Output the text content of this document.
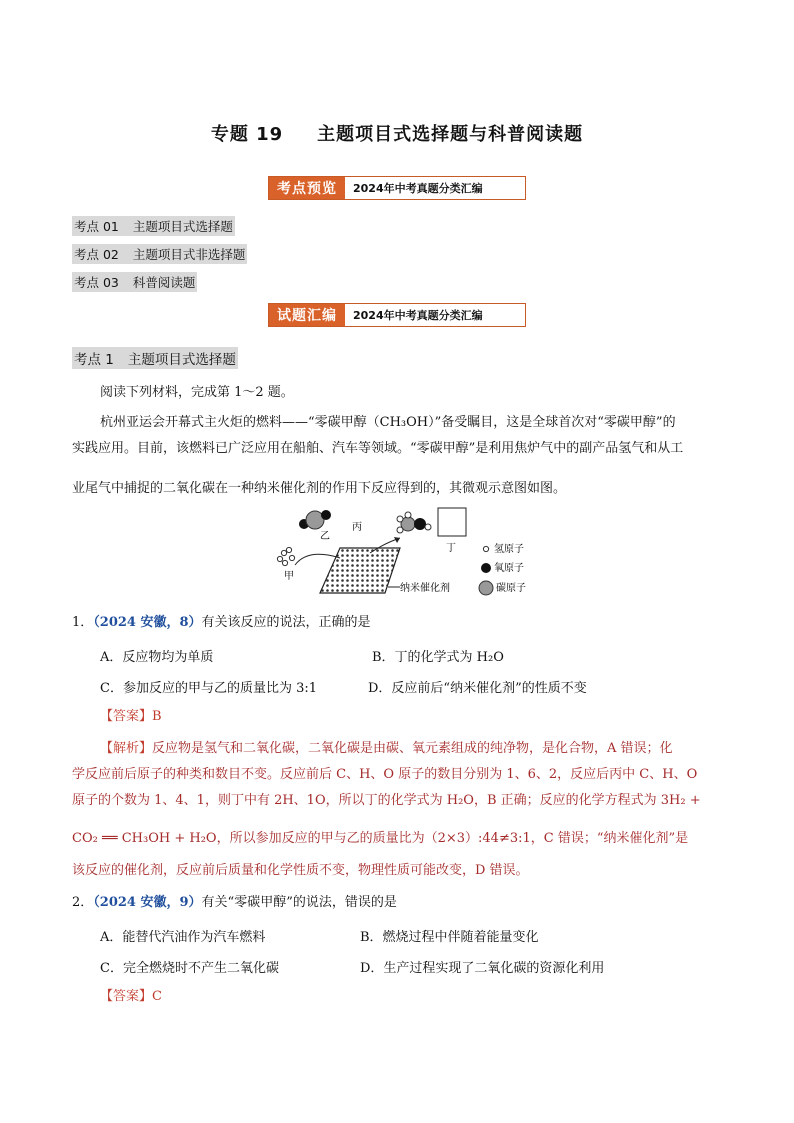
专题 19 主题项目式选择题与科普阅读题
考点预览	2024年中考真题分类汇编
考点 01 主题项目式选择题
考点 02 主题项目式非选择题
考点 03 科普阅读题
试题汇编	2024年中考真题分类汇编
考点 1 主题项目式选择题
阅读下列材料，完成第 1～2 题。
杭州亚运会开幕式主火炬的燃料——“零碳甲醇（CH₃OH）”备受瞩目，这是全球首次对“零碳甲醇”的
实践应用。目前，该燃料已广泛应用在船舶、汽车等领域。“零碳甲醇”是利用焦炉气中的副产品氢气和从工
业尾气中捕捉的二氧化碳在一种纳米催化剂的作用下反应得到的，其微观示意图如图。
乙
甲
丙
丁
纳米催化剂
氢原子
氧原子
碳原子
1．（2024 安徽，8）有关该反应的说法，正确的是
A．反应物均为单质	B．丁的化学式为 H₂O
C．参加反应的甲与乙的质量比为 3:1	D．反应前后“纳米催化剂”的性质不变
【答案】B
【解析】反应物是氢气和二氧化碳，二氧化碳是由碳、氧元素组成的纯净物，是化合物，A 错误；化
学反应前后原子的种类和数目不变。反应前后 C、H、O 原子的数目分别为 1、6、2，反应后丙中 C、H、O
原子的个数为 1、4、1，则丁中有 2H、1O，所以丁的化学式为 H₂O，B 正确；反应的化学方程式为 3H₂ +
CO₂ ══ CH₃OH + H₂O，所以参加反应的甲与乙的质量比为（2×3）:44≠3:1，C 错误；“纳米催化剂”是
该反应的催化剂，反应前后质量和化学性质不变，物理性质可能改变，D 错误。
2．（2024 安徽，9）有关“零碳甲醇”的说法，错误的是
A．能替代汽油作为汽车燃料	B．燃烧过程中伴随着能量变化
C．完全燃烧时不产生二氧化碳	D．生产过程实现了二氧化碳的资源化利用
【答案】C
